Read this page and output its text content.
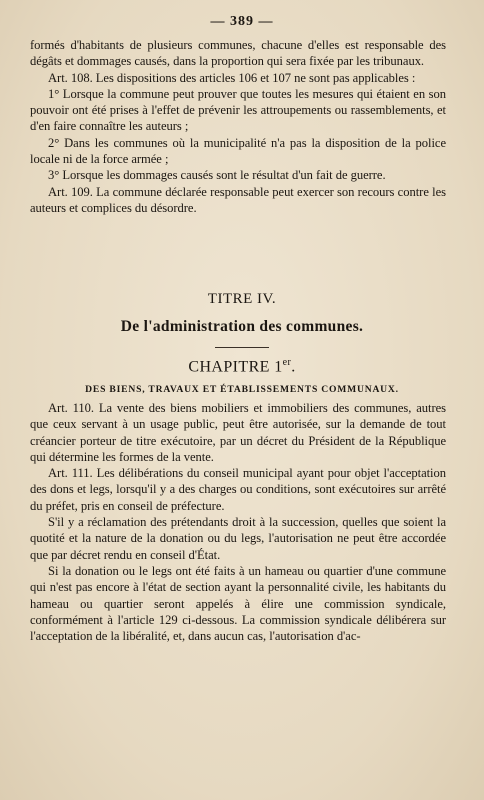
— 389 —

formés d'habitants de plusieurs communes, chacune d'elles est responsable des dégâts et dommages causés, dans la proportion qui sera fixée par les tribunaux.

Art. 108. Les dispositions des articles 106 et 107 ne sont pas applicables :

1° Lorsque la commune peut prouver que toutes les mesures qui étaient en son pouvoir ont été prises à l'effet de prévenir les attroupements ou rassemblements, et d'en faire connaître les auteurs ;

2° Dans les communes où la municipalité n'a pas la disposition de la police locale ni de la force armée ;

3° Lorsque les dommages causés sont le résultat d'un fait de guerre.

Art. 109. La commune déclarée responsable peut exercer son recours contre les auteurs et complices du désordre.

TITRE IV.
De l'administration des communes.
CHAPITRE 1er.
DES BIENS, TRAVAUX ET ÉTABLISSEMENTS COMMUNAUX.

Art. 110. La vente des biens mobiliers et immobiliers des communes, autres que ceux servant à un usage public, peut être autorisée, sur la demande de tout créancier porteur de titre exécutoire, par un décret du Président de la République qui détermine les formes de la vente.

Art. 111. Les délibérations du conseil municipal ayant pour objet l'acceptation des dons et legs, lorsqu'il y a des charges ou conditions, sont exécutoires sur arrêté du préfet, pris en conseil de préfecture.

S'il y a réclamation des prétendants droit à la succession, quelles que soient la quotité et la nature de la donation ou du legs, l'autorisation ne peut être accordée que par décret rendu en conseil d'État.

Si la donation ou le legs ont été faits à un hameau ou quartier d'une commune qui n'est pas encore à l'état de section ayant la personnalité civile, les habitants du hameau ou quartier seront appelés à élire une commission syndicale, conformément à l'article 129 ci-dessous. La commission syndicale délibérera sur l'acceptation de la libéralité, et, dans aucun cas, l'autorisation d'ac-
